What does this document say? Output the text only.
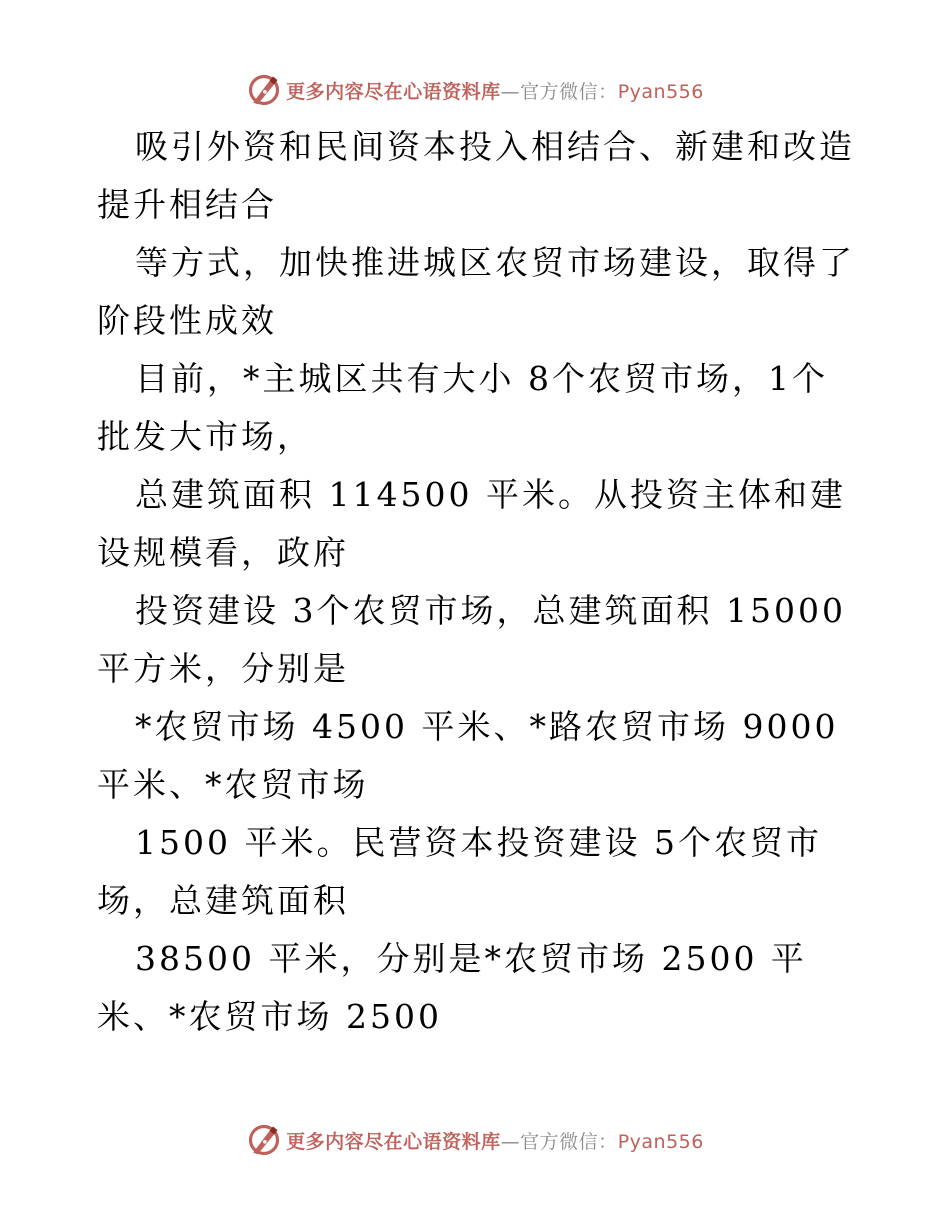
更多内容尽在心语资料库—官方微信：Pyan556

吸引外资和民间资本投入相结合、新建和改造提升相结合

等方式，加快推进城区农贸市场建设，取得了阶段性成效

目前，*主城区共有大小 8个农贸市场，1个批发大市场，

总建筑面积 114500 平米。从投资主体和建设规模看，政府

投资建设 3个农贸市场，总建筑面积 15000 平方米，分别是

*农贸市场 4500 平米、*路农贸市场 9000 平米、*农贸市场

1500 平米。民营资本投资建设 5个农贸市场，总建筑面积

38500 平米，分别是*农贸市场 2500 平米、*农贸市场 2500

更多内容尽在心语资料库—官方微信：Pyan556
